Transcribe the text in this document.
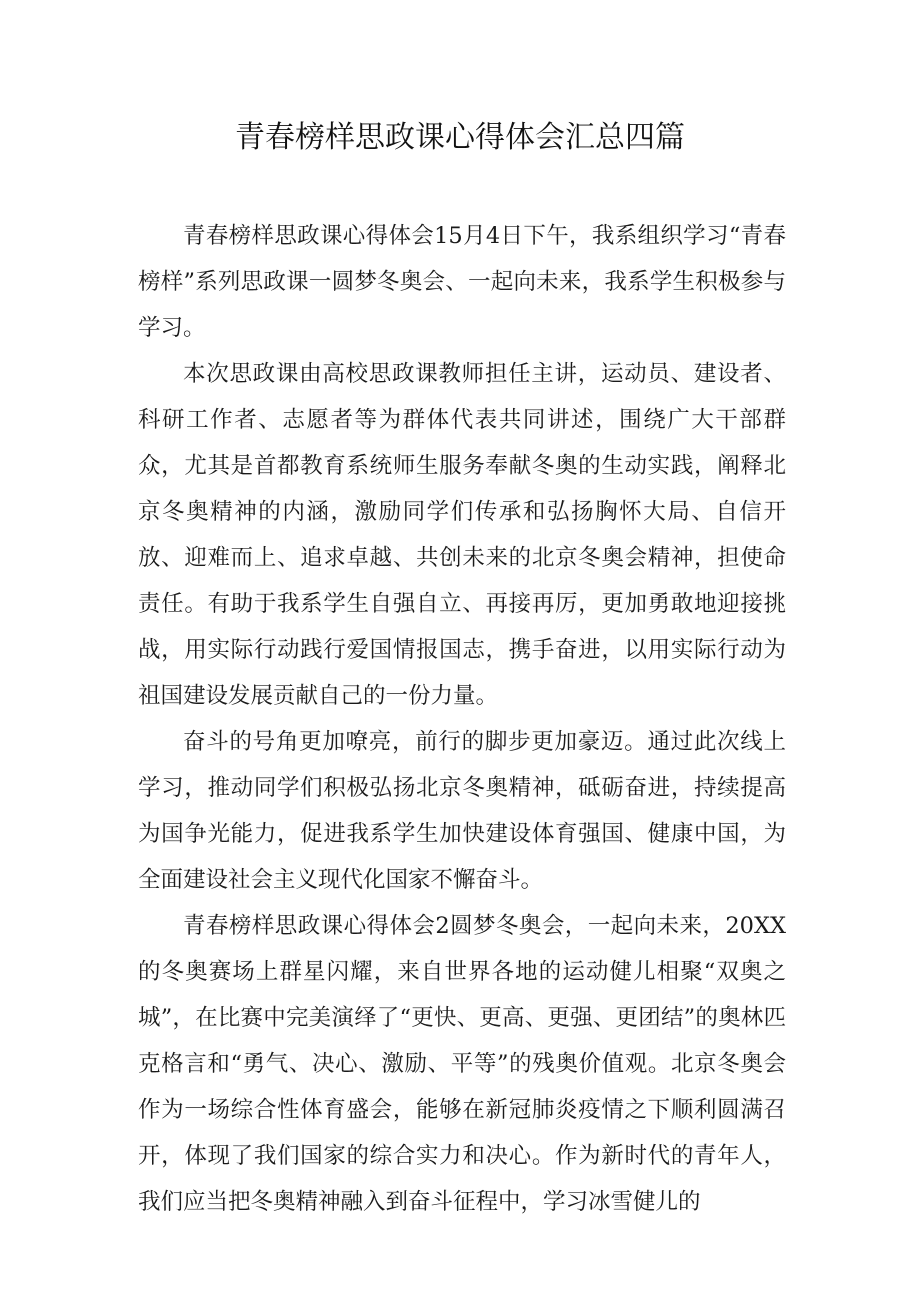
青春榜样思政课心得体会汇总四篇

青春榜样思政课心得体会15月4日下午，我系组织学习“青春榜样”系列思政课一圆梦冬奥会、一起向未来，我系学生积极参与学习。

本次思政课由高校思政课教师担任主讲，运动员、建设者、科研工作者、志愿者等为群体代表共同讲述，围绕广大干部群众，尤其是首都教育系统师生服务奉献冬奥的生动实践，阐释北京冬奥精神的内涵，激励同学们传承和弘扬胸怀大局、自信开放、迎难而上、追求卓越、共创未来的北京冬奥会精神，担使命责任。有助于我系学生自强自立、再接再厉，更加勇敢地迎接挑战，用实际行动践行爱国情报国志，携手奋进，以用实际行动为祖国建设发展贡献自己的一份力量。

奋斗的号角更加嘹亮，前行的脚步更加豪迈。通过此次线上学习，推动同学们积极弘扬北京冬奥精神，砥砺奋进，持续提高为国争光能力，促进我系学生加快建设体育强国、健康中国，为全面建设社会主义现代化国家不懈奋斗。

青春榜样思政课心得体会2圆梦冬奥会，一起向未来，20XX的冬奥赛场上群星闪耀，来自世界各地的运动健儿相聚“双奥之城”，在比赛中完美演绎了“更快、更高、更强、更团结”的奥林匹克格言和“勇气、决心、激励、平等”的残奥价值观。北京冬奥会作为一场综合性体育盛会，能够在新冠肺炎疫情之下顺利圆满召开，体现了我们国家的综合实力和决心。作为新时代的青年人，我们应当把冬奥精神融入到奋斗征程中，学习冰雪健儿的
